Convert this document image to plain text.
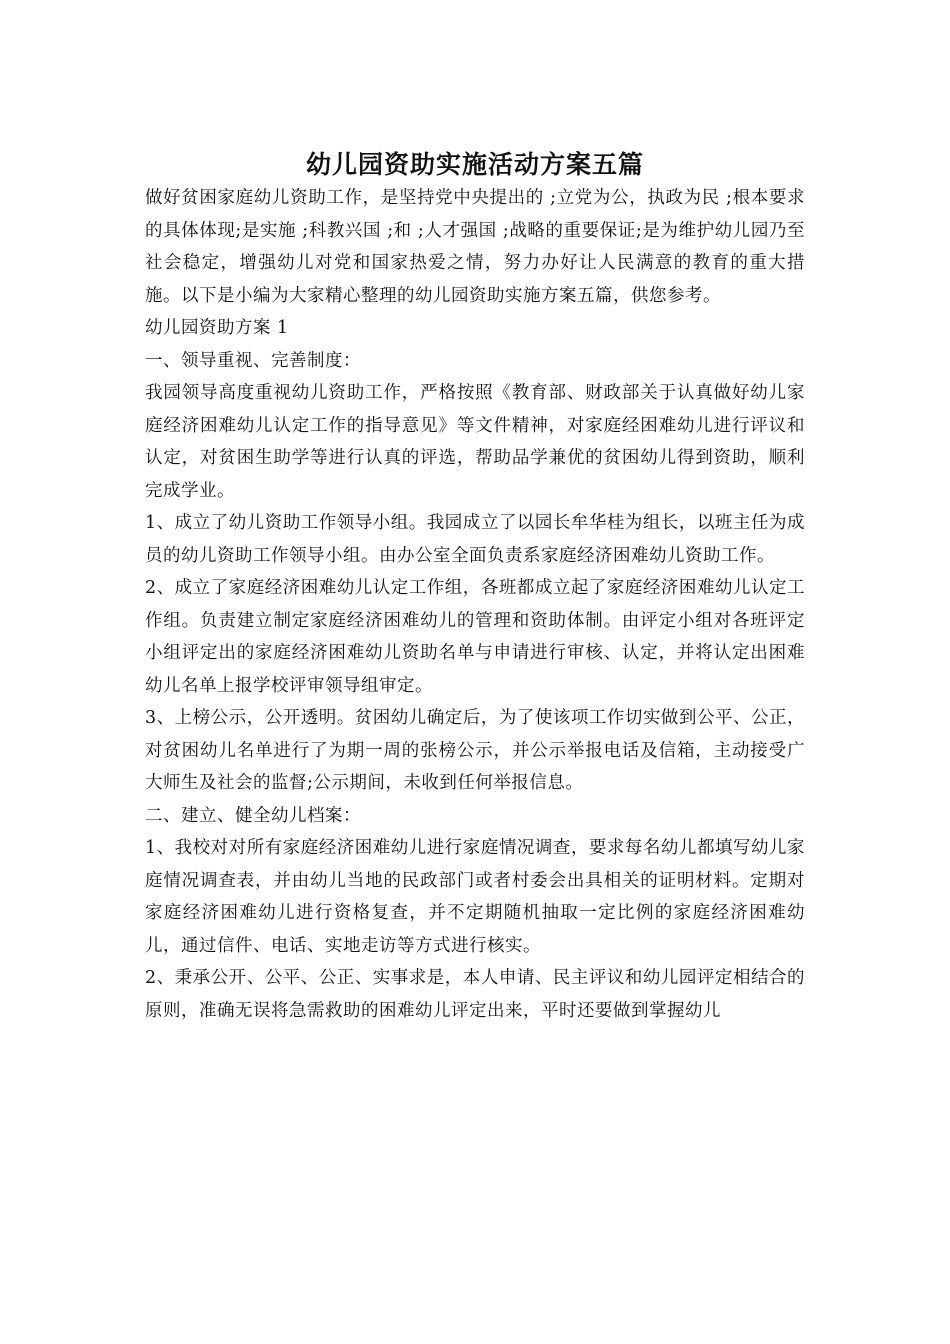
幼儿园资助实施活动方案五篇

做好贫困家庭幼儿资助工作，是坚持党中央提出的 ;立党为公，执政为民 ;根本要求的具体体现;是实施 ;科教兴国 ;和 ;人才强国 ;战略的重要保证;是为维护幼儿园乃至社会稳定，增强幼儿对党和国家热爱之情，努力办好让人民满意的教育的重大措施。以下是小编为大家精心整理的幼儿园资助实施方案五篇，供您参考。

幼儿园资助方案 1

一、领导重视、完善制度：

我园领导高度重视幼儿资助工作，严格按照《教育部、财政部关于认真做好幼儿家庭经济困难幼儿认定工作的指导意见》等文件精神，对家庭经困难幼儿进行评议和认定，对贫困生助学等进行认真的评选，帮助品学兼优的贫困幼儿得到资助，顺利完成学业。

1、成立了幼儿资助工作领导小组。我园成立了以园长牟华桂为组长，以班主任为成员的幼儿资助工作领导小组。由办公室全面负责系家庭经济困难幼儿资助工作。

2、成立了家庭经济困难幼儿认定工作组，各班都成立起了家庭经济困难幼儿认定工作组。负责建立制定家庭经济困难幼儿的管理和资助体制。由评定小组对各班评定小组评定出的家庭经济困难幼儿资助名单与申请进行审核、认定，并将认定出困难幼儿名单上报学校评审领导组审定。

3、上榜公示，公开透明。贫困幼儿确定后，为了使该项工作切实做到公平、公正，对贫困幼儿名单进行了为期一周的张榜公示，并公示举报电话及信箱，主动接受广大师生及社会的监督;公示期间，未收到任何举报信息。

二、建立、健全幼儿档案：

1、我校对对所有家庭经济困难幼儿进行家庭情况调查，要求每名幼儿都填写幼儿家庭情况调查表，并由幼儿当地的民政部门或者村委会出具相关的证明材料。定期对家庭经济困难幼儿进行资格复查，并不定期随机抽取一定比例的家庭经济困难幼儿，通过信件、电话、实地走访等方式进行核实。

2、秉承公开、公平、公正、实事求是，本人申请、民主评议和幼儿园评定相结合的原则，准确无误将急需救助的困难幼儿评定出来，平时还要做到掌握幼儿
